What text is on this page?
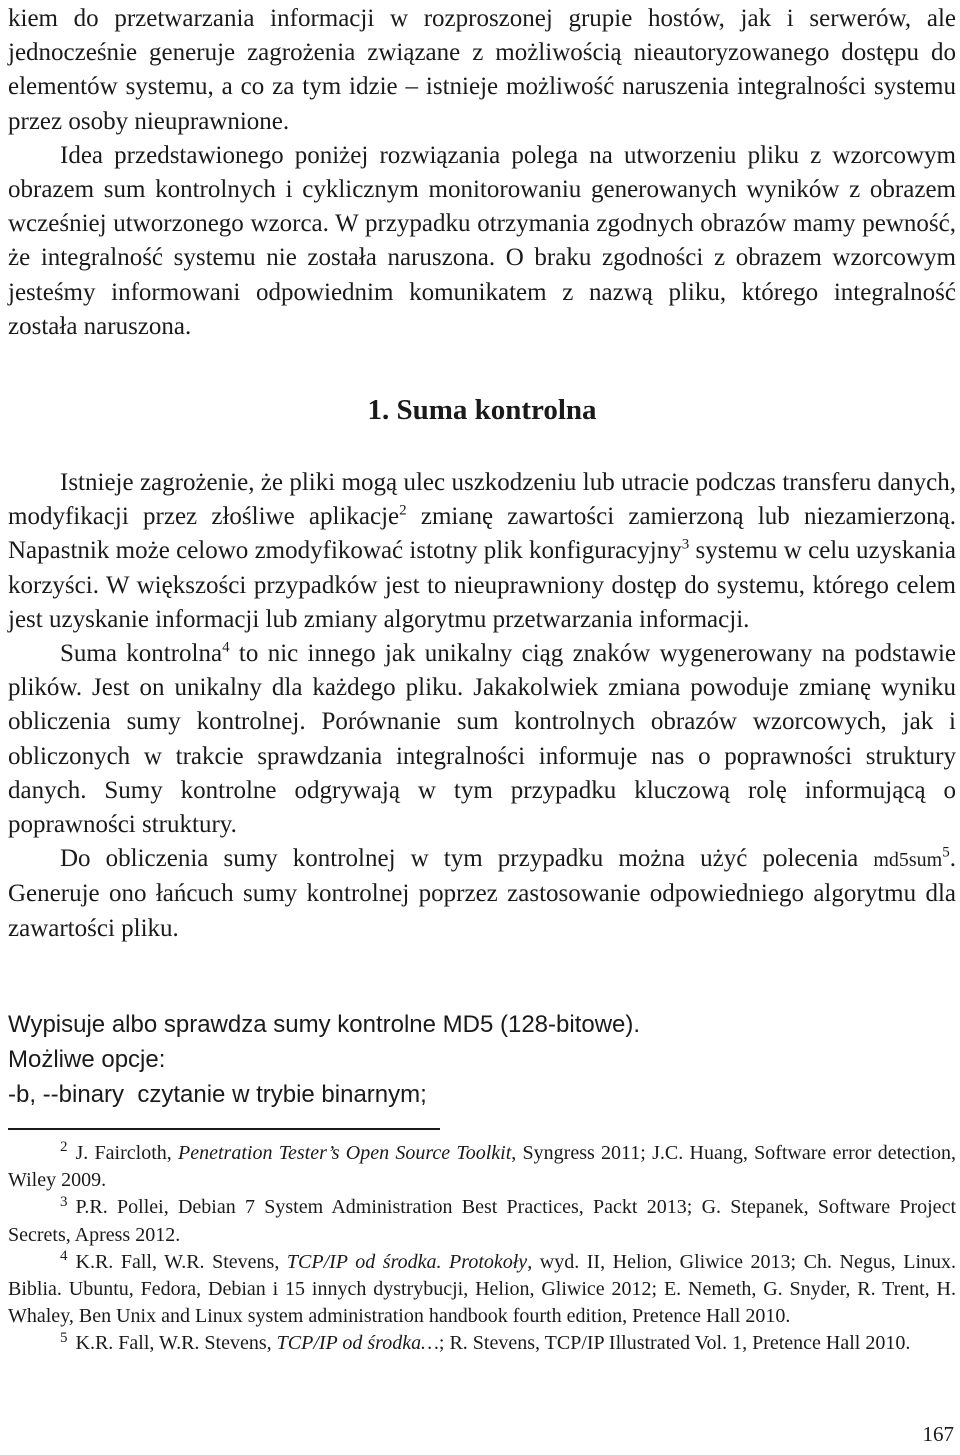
kiem do przetwarzania informacji w rozproszonej grupie hostów, jak i serwerów, ale jednocześnie generuje zagrożenia związane z możliwością nieautoryzowanego dostępu do elementów systemu, a co za tym idzie – istnieje możliwość naruszenia integralności systemu przez osoby nieuprawnione.

Idea przedstawionego poniżej rozwiązania polega na utworzeniu pliku z wzorcowym obrazem sum kontrolnych i cyklicznym monitorowaniu generowanych wyników z obrazem wcześniej utworzonego wzorca. W przypadku otrzymania zgodnych obrazów mamy pewność, że integralność systemu nie została naruszona. O braku zgodności z obrazem wzorcowym jesteśmy informowani odpowiednim komunikatem z nazwą pliku, którego integralność została naruszona.

1. Suma kontrolna

Istnieje zagrożenie, że pliki mogą ulec uszkodzeniu lub utracie podczas transferu danych, modyfikacji przez złośliwe aplikacje$^2$ zmianę zawartości zamierzoną lub niezamierzoną. Napastnik może celowo zmodyfikować istotny plik konfiguracyjny$^3$ systemu w celu uzyskania korzyści. W większości przypadków jest to nieuprawniony dostęp do systemu, którego celem jest uzyskanie informacji lub zmiany algorytmu przetwarzania informacji.

Suma kontrolna$^4$ to nic innego jak unikalny ciąg znaków wygenerowany na podstawie plików. Jest on unikalny dla każdego pliku. Jakakolwiek zmiana powoduje zmianę wyniku obliczenia sumy kontrolnej. Porównanie sum kontrolnych obrazów wzorcowych, jak i obliczonych w trakcie sprawdzania integralności informuje nas o poprawności struktury danych. Sumy kontrolne odgrywają w tym przypadku kluczową rolę informującą o poprawności struktury.

Do obliczenia sumy kontrolnej w tym przypadku można użyć polecenia md5sum$^5$. Generuje ono łańcuch sumy kontrolnej poprzez zastosowanie odpowiedniego algorytmu dla zawartości pliku.

Wypisuje albo sprawdza sumy kontrolne MD5 (128-bitowe).
Możliwe opcje:
-b, --binary  czytanie w trybie binarnym;

$^2$ J. Faircloth, Penetration Tester’s Open Source Toolkit, Syngress 2011; J.C. Huang, Software error detection, Wiley 2009.

$^3$ P.R. Pollei, Debian 7 System Administration Best Practices, Packt 2013; G. Stepanek, Software Project Secrets, Apress 2012.

$^4$ K.R. Fall, W.R. Stevens, TCP/IP od środka. Protokoły, wyd. II, Helion, Gliwice 2013; Ch. Negus, Linux. Biblia. Ubuntu, Fedora, Debian i 15 innych dystrybucji, Helion, Gliwice 2012; E. Nemeth, G. Snyder, R. Trent, H. Whaley, Ben Unix and Linux system administration handbook fourth edition, Pretence Hall 2010.

$^5$ K.R. Fall, W.R. Stevens, TCP/IP od środka…; R. Stevens, TCP/IP Illustrated Vol. 1, Pretence Hall 2010.

167
